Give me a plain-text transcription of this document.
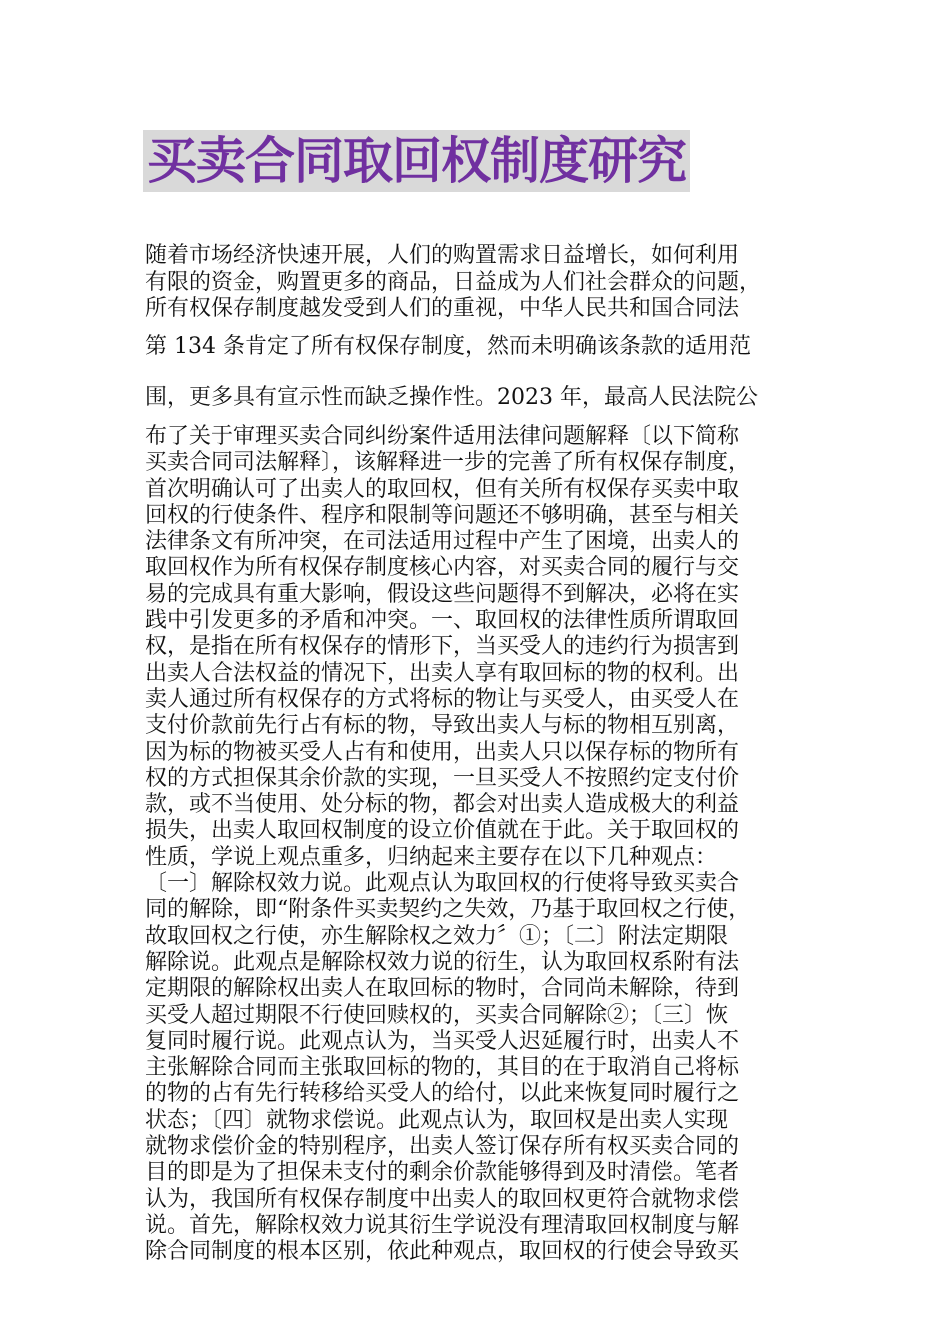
买卖合同取回权制度研究
随着市场经济快速开展，人们的购置需求日益增长，如何利用
有限的资金，购置更多的商品，日益成为人们社会群众的问题，
所有权保存制度越发受到人们的重视，中华人民共和国合同法
第 134 条肯定了所有权保存制度，然而未明确该条款的适用范
围，更多具有宣示性而缺乏操作性。2023 年，最高人民法院公
布了关于审理买卖合同纠纷案件适用法律问题解释〔以下简称
买卖合同司法解释〕，该解释进一步的完善了所有权保存制度，
首次明确认可了出卖人的取回权，但有关所有权保存买卖中取
回权的行使条件、程序和限制等问题还不够明确，甚至与相关
法律条文有所冲突，在司法适用过程中产生了困境，出卖人的
取回权作为所有权保存制度核心内容，对买卖合同的履行与交
易的完成具有重大影响，假设这些问题得不到解决，必将在实
践中引发更多的矛盾和冲突。一、取回权的法律性质所谓取回
权，是指在所有权保存的情形下，当买受人的违约行为损害到
出卖人合法权益的情况下，出卖人享有取回标的物的权利。出
卖人通过所有权保存的方式将标的物让与买受人，由买受人在
支付价款前先行占有标的物，导致出卖人与标的物相互别离，
因为标的物被买受人占有和使用，出卖人只以保存标的物所有
权的方式担保其余价款的实现，一旦买受人不按照约定支付价
款，或不当使用、处分标的物，都会对出卖人造成极大的利益
损失，出卖人取回权制度的设立价值就在于此。关于取回权的
性质，学说上观点重多，归纳起来主要存在以下几种观点：
〔一〕解除权效力说。此观点认为取回权的行使将导致买卖合
同的解除，即“附条件买卖契约之失效，乃基于取回权之行使，
故取回权之行使，亦生解除权之效力〞①；〔二〕附法定期限
解除说。此观点是解除权效力说的衍生，认为取回权系附有法
定期限的解除权出卖人在取回标的物时，合同尚未解除，待到
买受人超过期限不行使回赎权的，买卖合同解除②；〔三〕恢
复同时履行说。此观点认为，当买受人迟延履行时，出卖人不
主张解除合同而主张取回标的物的，其目的在于取消自己将标
的物的占有先行转移给买受人的给付，以此来恢复同时履行之
状态；〔四〕就物求偿说。此观点认为，取回权是出卖人实现
就物求偿价金的特别程序，出卖人签订保存所有权买卖合同的
目的即是为了担保未支付的剩余价款能够得到及时清偿。笔者
认为，我国所有权保存制度中出卖人的取回权更符合就物求偿
说。首先，解除权效力说其衍生学说没有理清取回权制度与解
除合同制度的根本区别，依此种观点，取回权的行使会导致买
